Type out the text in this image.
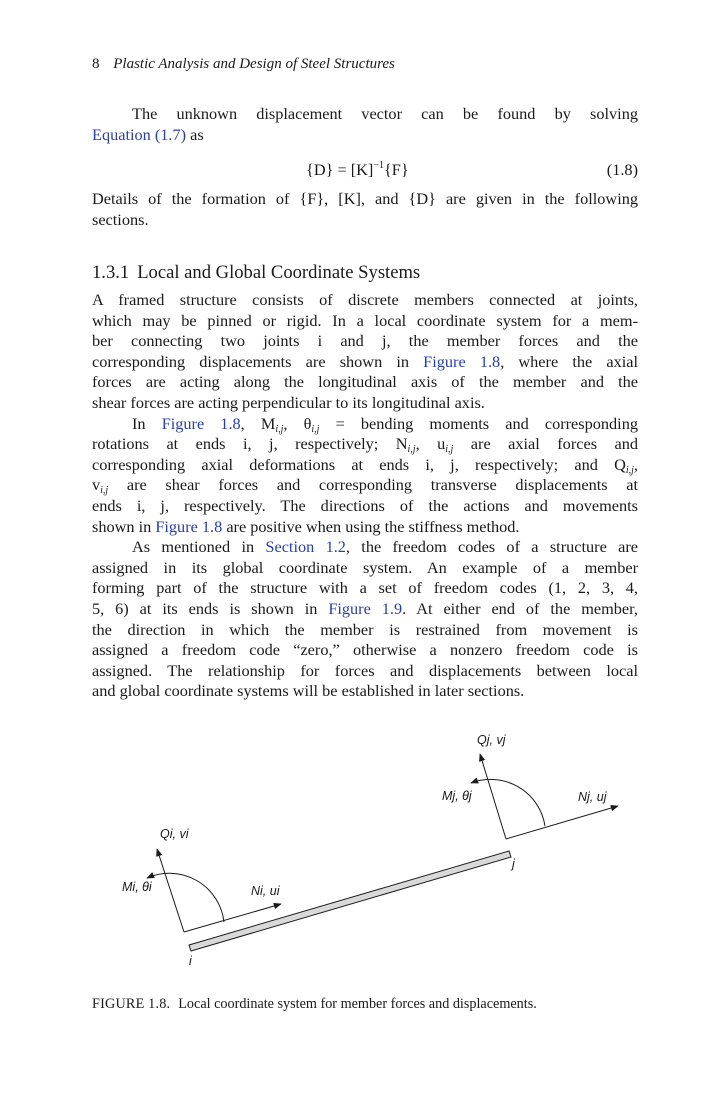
8 Plastic Analysis and Design of Steel Structures

The unknown displacement vector can be found by solving
Equation (1.7) as

$\{D\} = [K]^{-1}\{F\}$	(1.8)

Details of the formation of {F}, [K], and {D} are given in the following
sections.

1.3.1 Local and Global Coordinate Systems

A framed structure consists of discrete members connected at joints,
which may be pinned or rigid. In a local coordinate system for a mem-
ber connecting two joints i and j, the member forces and the
corresponding displacements are shown in Figure 1.8, where the axial
forces are acting along the longitudinal axis of the member and the
shear forces are acting perpendicular to its longitudinal axis.

In Figure 1.8, $M_{i,j}$, $\theta_{i,j}$ = bending moments and corresponding
rotations at ends i, j, respectively; $N_{i,j}$, $u_{i,j}$ are axial forces and
corresponding axial deformations at ends i, j, respectively; and $Q_{i,j}$,
$v_{i,j}$ are shear forces and corresponding transverse displacements at
ends i, j, respectively. The directions of the actions and movements
shown in Figure 1.8 are positive when using the stiffness method.

As mentioned in Section 1.2, the freedom codes of a structure are
assigned in its global coordinate system. An example of a member
forming part of the structure with a set of freedom codes (1, 2, 3, 4,
5, 6) at its ends is shown in Figure 1.9. At either end of the member,
the direction in which the member is restrained from movement is
assigned a freedom code “zero,” otherwise a nonzero freedom code is
assigned. The relationship for forces and displacements between local
and global coordinate systems will be established in later sections.

Qj, vj
Mj, θj	Nj, uj
j
Qi, vi
Mi, θi	Ni, ui
i
FIGURE 1.8. Local coordinate system for member forces and displacements.
